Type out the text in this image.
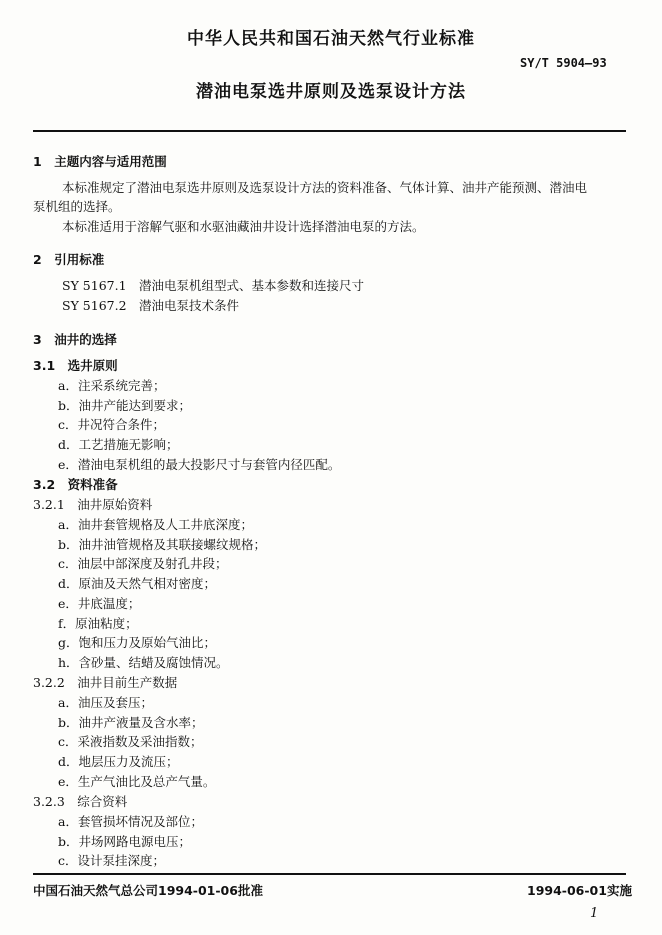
中华人民共和国石油天然气行业标准
SY/T 5904—93
潜油电泵选井原则及选泵设计方法
1　主题内容与适用范围
本标准规定了潜油电泵选井原则及选泵设计方法的资料准备、气体计算、油井产能预测、潜油电
泵机组的选择。
本标准适用于溶解气驱和水驱油藏油井设计选择潜油电泵的方法。
2　引用标准
SY 5167.1　潜油电泵机组型式、基本参数和连接尺寸
SY 5167.2　潜油电泵技术条件
3　油井的选择
3.1　选井原则
a．注采系统完善；
b．油井产能达到要求；
c．井况符合条件；
d．工艺措施无影响；
e．潜油电泵机组的最大投影尺寸与套管内径匹配。
3.2　资料准备
3.2.1　油井原始资料
a．油井套管规格及人工井底深度；
b．油井油管规格及其联接螺纹规格；
c．油层中部深度及射孔井段；
d．原油及天然气相对密度；
e．井底温度；
f．原油粘度；
g．饱和压力及原始气油比；
h．含砂量、结蜡及腐蚀情况。
3.2.2　油井目前生产数据
a．油压及套压；
b．油井产液量及含水率；
c．采液指数及采油指数；
d．地层压力及流压；
e．生产气油比及总产气量。
3.2.3　综合资料
a．套管损坏情况及部位；
b．井场网路电源电压；
c．设计泵挂深度；
中国石油天然气总公司1994-01-06批准	1994-06-01实施
1
